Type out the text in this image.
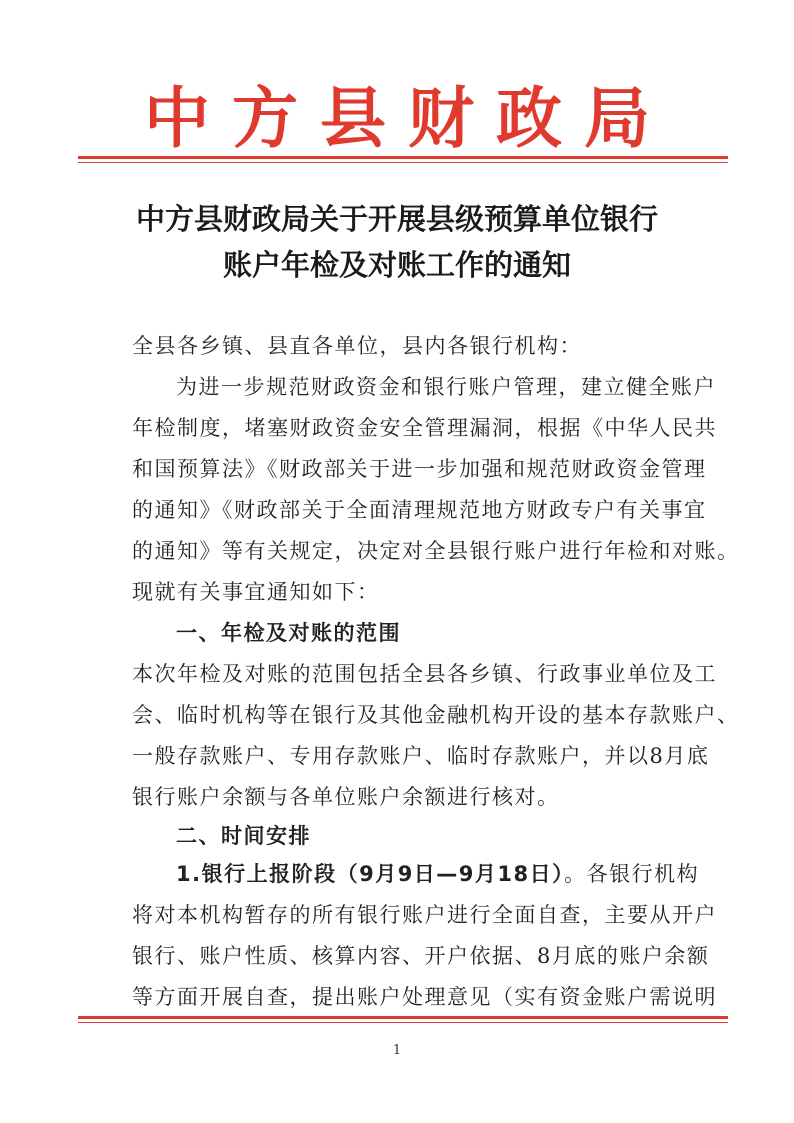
中方县财政局
中方县财政局关于开展县级预算单位银行
账户年检及对账工作的通知
全县各乡镇、县直各单位，县内各银行机构：
为进一步规范财政资金和银行账户管理，建立健全账户
年检制度，堵塞财政资金安全管理漏洞，根据《中华人民共
和国预算法》《财政部关于进一步加强和规范财政资金管理
的通知》《财政部关于全面清理规范地方财政专户有关事宜
的通知》等有关规定，决定对全县银行账户进行年检和对账。
现就有关事宜通知如下：
一、年检及对账的范围
本次年检及对账的范围包括全县各乡镇、行政事业单位及工
会、临时机构等在银行及其他金融机构开设的基本存款账户、
一般存款账户、专用存款账户、临时存款账户，并以8月底
银行账户余额与各单位账户余额进行核对。
二、时间安排
1.银行上报阶段（9月9日—9月18日）。各银行机构
将对本机构暂存的所有银行账户进行全面自查，主要从开户
银行、账户性质、核算内容、开户依据、8月底的账户余额
等方面开展自查，提出账户处理意见（实有资金账户需说明
1
